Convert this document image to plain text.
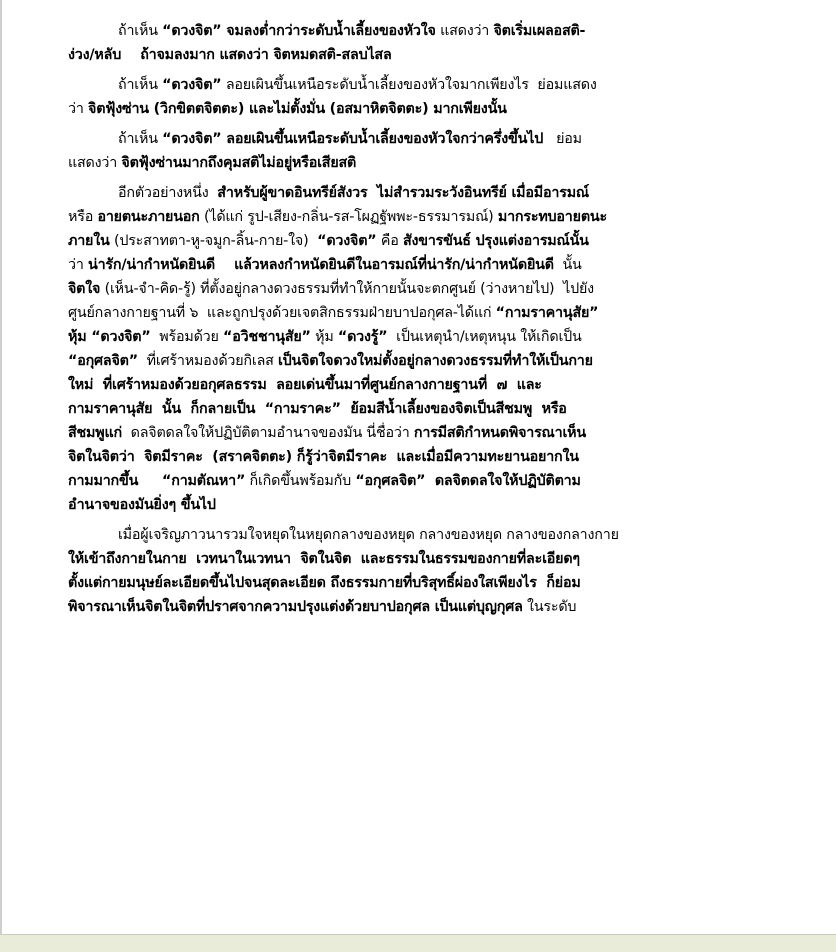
ถ้าเห็น “ดวงจิต” จมลงต่ำกว่าระดับน้ำเลี้ยงของหัวใจ แสดงว่า จิตเริ่มเผลอสติ-
ง่วง/หลับ    ถ้าจมลงมาก แสดงว่า จิตหมดสติ-สลบไสล

ถ้าเห็น “ดวงจิต” ลอยเผินขึ้นเหนือระดับน้ำเลี้ยงของหัวใจมากเพียงไร  ย่อมแสดง
ว่า จิตฟุ้งซ่าน (วิกขิตตจิตตะ) และไม่ตั้งมั่น (อสมาหิตจิตตะ) มากเพียงนั้น

ถ้าเห็น “ดวงจิต” ลอยเผินขึ้นเหนือระดับน้ำเลี้ยงของหัวใจกว่าครึ่งขึ้นไป   ย่อม
แสดงว่า จิตฟุ้งซ่านมากถึงคุมสติไม่อยู่หรือเสียสติ

อีกตัวอย่างหนึ่ง  สำหรับผู้ขาดอินทรีย์สังวร  ไม่สำรวมระวังอินทรีย์ เมื่อมีอารมณ์
หรือ อายตนะภายนอก (ได้แก่ รูป-เสียง-กลิ่น-รส-โผฏฐัพพะ-ธรรมารมณ์) มากระทบอายตนะ
ภายใน (ประสาทตา-หู-จมูก-ลิ้น-กาย-ใจ)  “ดวงจิต” คือ สังขารขันธ์ ปรุงแต่งอารมณ์นั้น
ว่า น่ารัก/น่ากำหนัดยินดี    แล้วหลงกำหนัดยินดีในอารมณ์ที่น่ารัก/น่ากำหนัดยินดี  นั้น
จิตใจ (เห็น-จำ-คิด-รู้) ที่ตั้งอยู่กลางดวงธรรมที่ทำให้กายนั้นจะตกศูนย์ (ว่างหายไป)  ไปยัง
ศูนย์กลางกายฐานที่ ๖  และถูกปรุงด้วยเจตสิกธรรมฝ่ายบาปอกุศล-ได้แก่ “กามราคานุสัย”
หุ้ม “ดวงจิต”  พร้อมด้วย “อวิชชานุสัย” หุ้ม “ดวงรู้”  เป็นเหตุนำ/เหตุหนุน ให้เกิดเป็น
“อกุศลจิต”  ที่เศร้าหมองด้วยกิเลส เป็นจิตใจดวงใหม่ตั้งอยู่กลางดวงธรรมที่ทำให้เป็นกาย
ใหม่  ที่เศร้าหมองด้วยอกุศลธรรม  ลอยเด่นขึ้นมาที่ศูนย์กลางกายฐานที่  ๗  และ
กามราคานุสัย  นั้น  ก็กลายเป็น  “กามราคะ”  ย้อมสีน้ำเลี้ยงของจิตเป็นสีชมพู  หรือ
สีชมพูแก่  ดลจิตดลใจให้ปฏิบัติตามอำนาจของมัน นี่ชื่อว่า การมีสติกำหนดพิจารณาเห็น
จิตในจิตว่า  จิตมีราคะ  (สราคจิตตะ) ก็รู้ว่าจิตมีราคะ  และเมื่อมีความทะยานอยากใน
กามมากขึ้น     “กามตัณหา” ก็เกิดขึ้นพร้อมกับ “อกุศลจิต”  ดลจิตดลใจให้ปฏิบัติตาม
อำนาจของมันยิ่งๆ ขึ้นไป

เมื่อผู้เจริญภาวนารวมใจหยุดในหยุดกลางของหยุด กลางของหยุด กลางของกลางกาย
ให้เข้าถึงกายในกาย  เวทนาในเวทนา  จิตในจิต  และธรรมในธรรมของกายที่ละเอียดๆ
ตั้งแต่กายมนุษย์ละเอียดขึ้นไปจนสุดละเอียด ถึงธรรมกายที่บริสุทธิ์ผ่องใสเพียงไร  ก็ย่อม
พิจารณาเห็นจิตในจิตที่ปราศจากความปรุงแต่งด้วยบาปอกุศล เป็นแต่บุญกุศล ในระดับ
